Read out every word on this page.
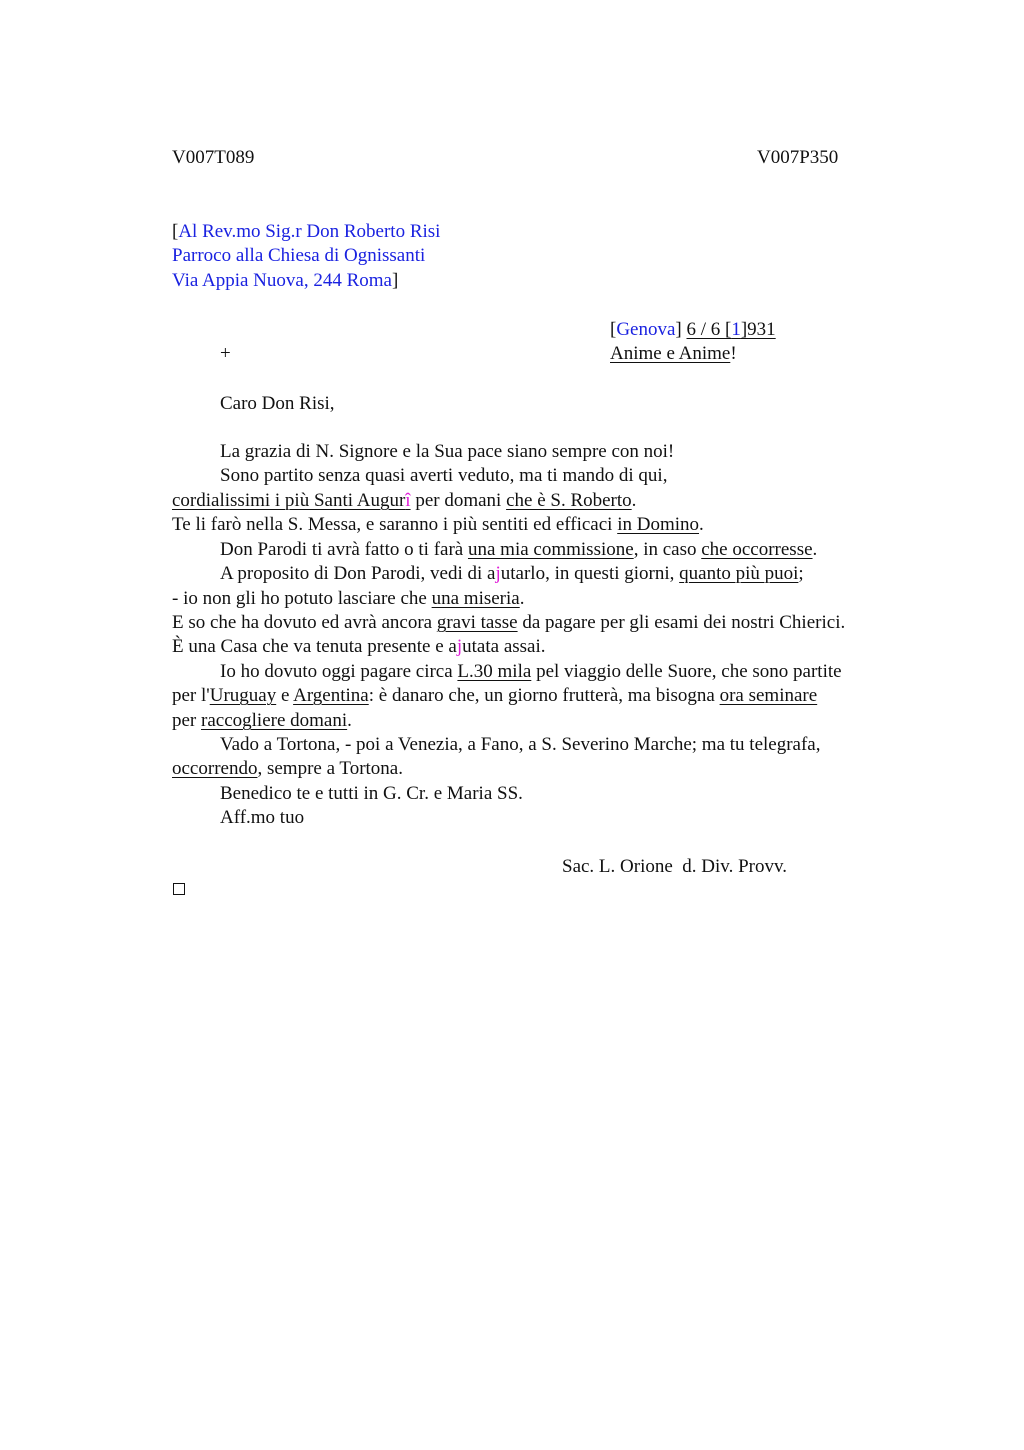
V007T089	V007P350
[Al Rev.mo Sig.r Don Roberto Risi
Parroco alla Chiesa di Ognissanti
Via Appia Nuova, 244 Roma]
[Genova] 6 / 6 [1]931
+	Anime e Anime!
Caro Don Risi,
La grazia di N. Signore e la Sua pace siano sempre con noi!
Sono partito senza quasi averti veduto, ma ti mando di qui,
cordialissimi i più Santi Augurî per domani che è S. Roberto.
Te li farò nella S. Messa, e saranno i più sentiti ed efficaci in Domino.
Don Parodi ti avrà fatto o ti farà una mia commissione, in caso che occorresse.
A proposito di Don Parodi, vedi di ajutarlo, in questi giorni, quanto più puoi;
- io non gli ho potuto lasciare che una miseria.
E so che ha dovuto ed avrà ancora gravi tasse da pagare per gli esami dei nostri Chierici.
È una Casa che va tenuta presente e ajutata assai.
Io ho dovuto oggi pagare circa L.30 mila pel viaggio delle Suore, che sono partite
per l'Uruguay e Argentina: è danaro che, un giorno frutterà, ma bisogna ora seminare
per raccogliere domani.
Vado a Tortona, - poi a Venezia, a Fano, a S. Severino Marche; ma tu telegrafa,
occorrendo, sempre a Tortona.
Benedico te e tutti in G. Cr. e Maria SS.
Aff.mo tuo
Sac. L. Orione  d. Div. Provv.
